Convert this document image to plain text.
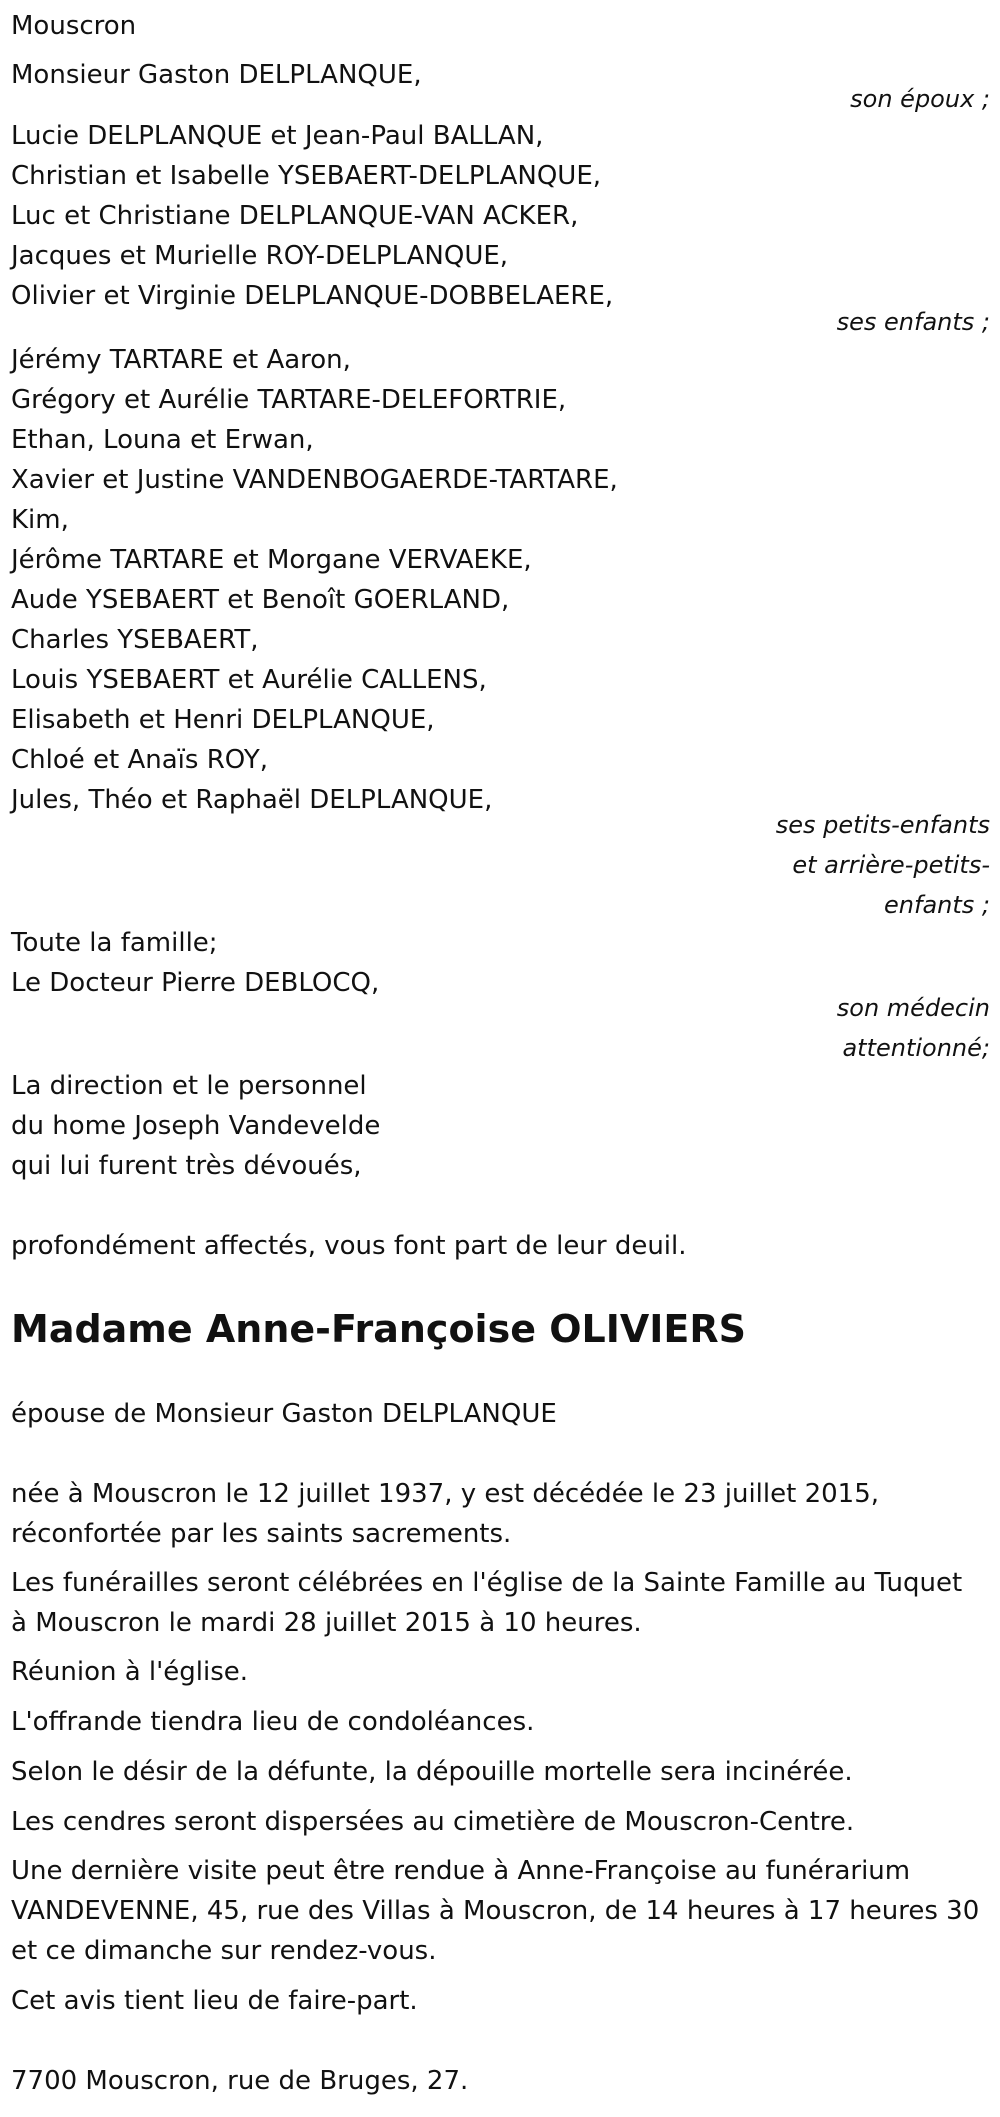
Mouscron
Monsieur Gaston DELPLANQUE,
son époux ;
Lucie DELPLANQUE et Jean-Paul BALLAN,
Christian et Isabelle YSEBAERT-DELPLANQUE,
Luc et Christiane DELPLANQUE-VAN ACKER,
Jacques et Murielle ROY-DELPLANQUE,
Olivier et Virginie DELPLANQUE-DOBBELAERE,
ses enfants ;
Jérémy TARTARE et Aaron,
Grégory et Aurélie TARTARE-DELEFORTRIE,
Ethan, Louna et Erwan,
Xavier et Justine VANDENBOGAERDE-TARTARE,
Kim,
Jérôme TARTARE et Morgane VERVAEKE,
Aude YSEBAERT et Benoît GOERLAND,
Charles YSEBAERT,
Louis YSEBAERT et Aurélie CALLENS,
Elisabeth et Henri DELPLANQUE,
Chloé et Anaïs ROY,
Jules, Théo et Raphaël DELPLANQUE,
ses petits-enfants
et arrière-petits-
enfants ;
Toute la famille;
Le Docteur Pierre DEBLOCQ,
son médecin
attentionné;
La direction et le personnel
du home Joseph Vandevelde
qui lui furent très dévoués,
profondément affectés, vous font part de leur deuil.
Madame Anne-Françoise OLIVIERS
épouse de Monsieur Gaston DELPLANQUE
née à Mouscron le 12 juillet 1937, y est décédée le 23 juillet 2015,
réconfortée par les saints sacrements.
Les funérailles seront célébrées en l'église de la Sainte Famille au Tuquet
à Mouscron le mardi 28 juillet 2015 à 10 heures.
Réunion à l'église.
L'offrande tiendra lieu de condoléances.
Selon le désir de la défunte, la dépouille mortelle sera incinérée.
Les cendres seront dispersées au cimetière de Mouscron-Centre.
Une dernière visite peut être rendue à Anne-Françoise au funérarium
VANDEVENNE, 45, rue des Villas à Mouscron, de 14 heures à 17 heures 30
et ce dimanche sur rendez-vous.
Cet avis tient lieu de faire-part.
7700 Mouscron, rue de Bruges, 27.
